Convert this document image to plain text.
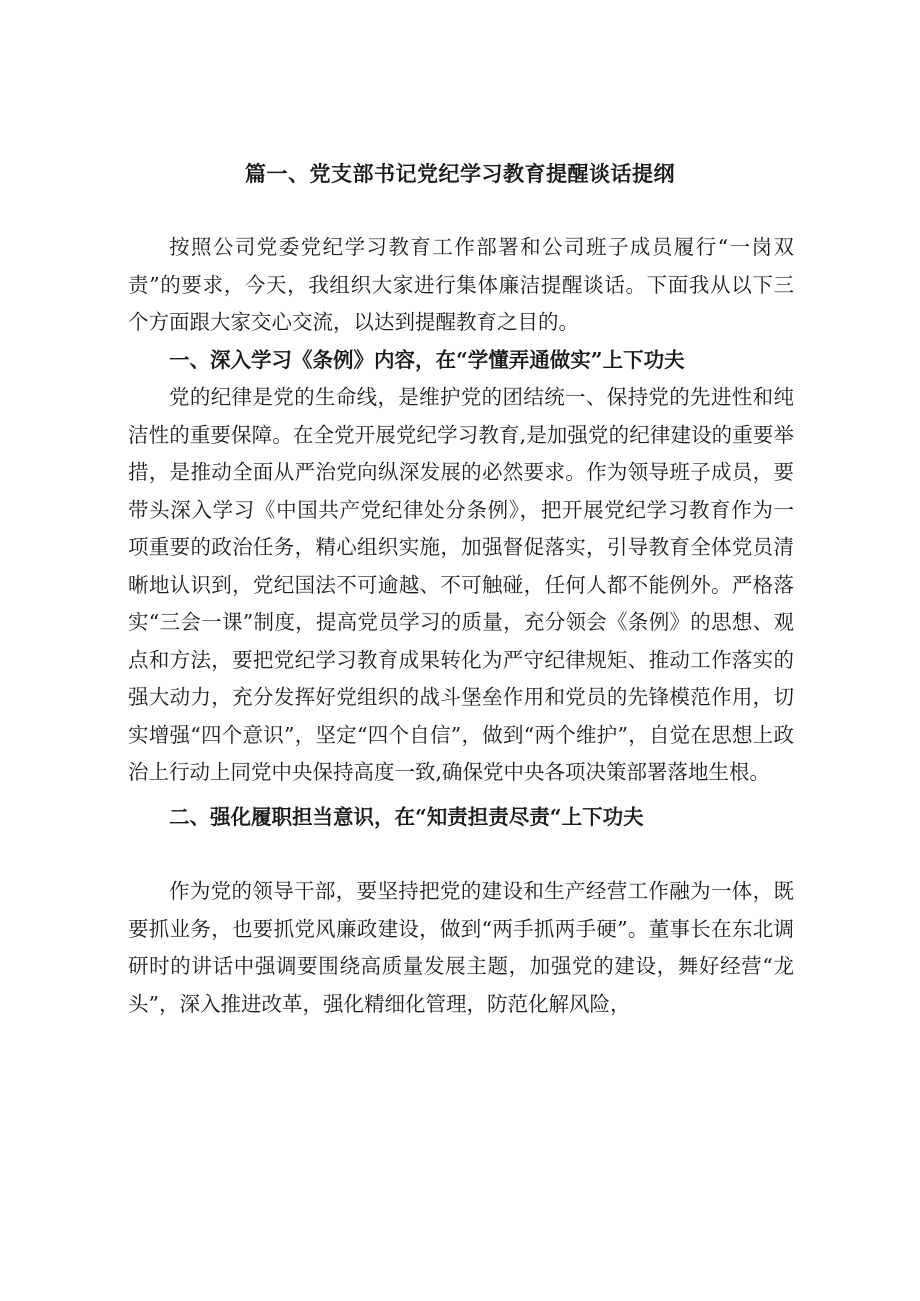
篇一、党支部书记党纪学习教育提醒谈话提纲

按照公司党委党纪学习教育工作部署和公司班子成员履行“一岗双责”的要求，今天，我组织大家进行集体廉洁提醒谈话。下面我从以下三个方面跟大家交心交流，以达到提醒教育之目的。

一、深入学习《条例》内容，在“学懂弄通做实”上下功夫

党的纪律是党的生命线，是维护党的团结统一、保持党的先进性和纯洁性的重要保障。在全党开展党纪学习教育,是加强党的纪律建设的重要举措，是推动全面从严治党向纵深发展的必然要求。作为领导班子成员，要带头深入学习《中国共产党纪律处分条例》，把开展党纪学习教育作为一项重要的政治任务，精心组织实施，加强督促落实，引导教育全体党员清晰地认识到，党纪国法不可逾越、不可触碰，任何人都不能例外。严格落实“三会一课”制度，提高党员学习的质量，充分领会《条例》的思想、观点和方法，要把党纪学习教育成果转化为严守纪律规矩、推动工作落实的强大动力，充分发挥好党组织的战斗堡垒作用和党员的先锋模范作用，切实增强“四个意识”，坚定“四个自信”，做到“两个维护”，自觉在思想上政治上行动上同党中央保持高度一致,确保党中央各项决策部署落地生根。

二、强化履职担当意识，在“知责担责尽责“上下功夫

作为党的领导干部，要坚持把党的建设和生产经营工作融为一体，既要抓业务，也要抓党风廉政建设，做到“两手抓两手硬”。董事长在东北调研时的讲话中强调要围绕高质量发展主题，加强党的建设，舞好经营“龙头”，深入推进改革，强化精细化管理，防范化解风险，
